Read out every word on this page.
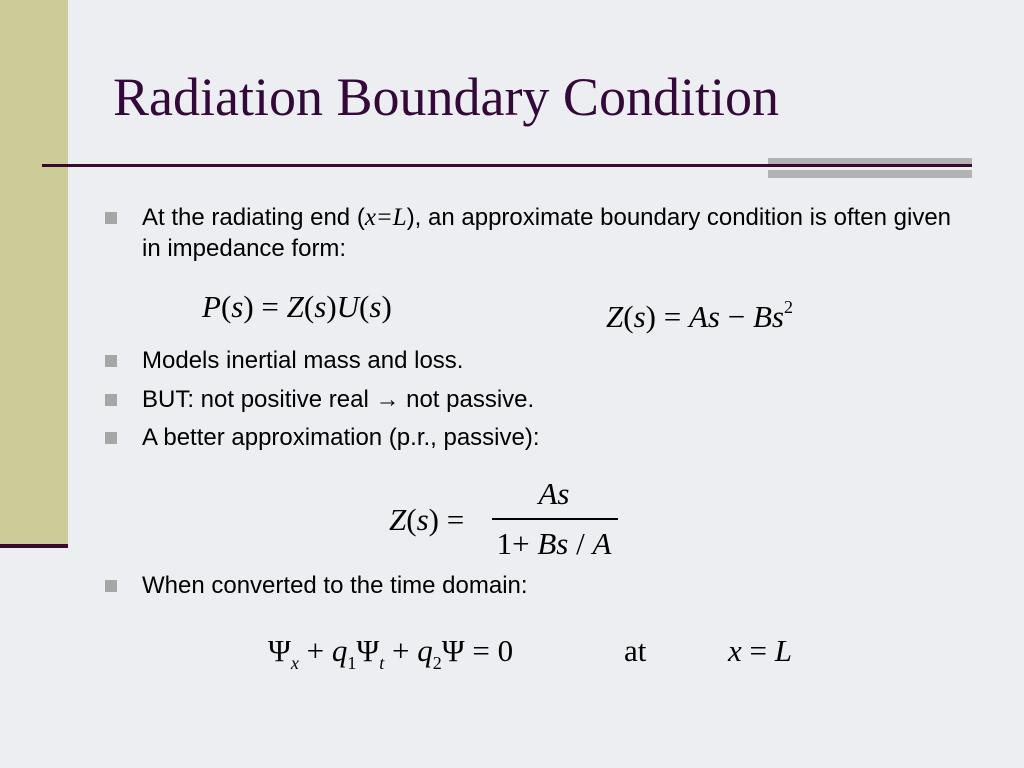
Radiation Boundary Condition
At the radiating end (x=L), an approximate boundary condition is often given in impedance form:
P(s) = Z(s)U(s)	$Z(s) = As - Bs^2$
Models inertial mass and loss.
BUT: not positive real → not passive.
A better approximation (p.r., passive):
Z(s) =
As
1+ Bs / A
When converted to the time domain:
$\Psi_x + q_1\Psi_t + q_2\Psi = 0$	at	x = L
